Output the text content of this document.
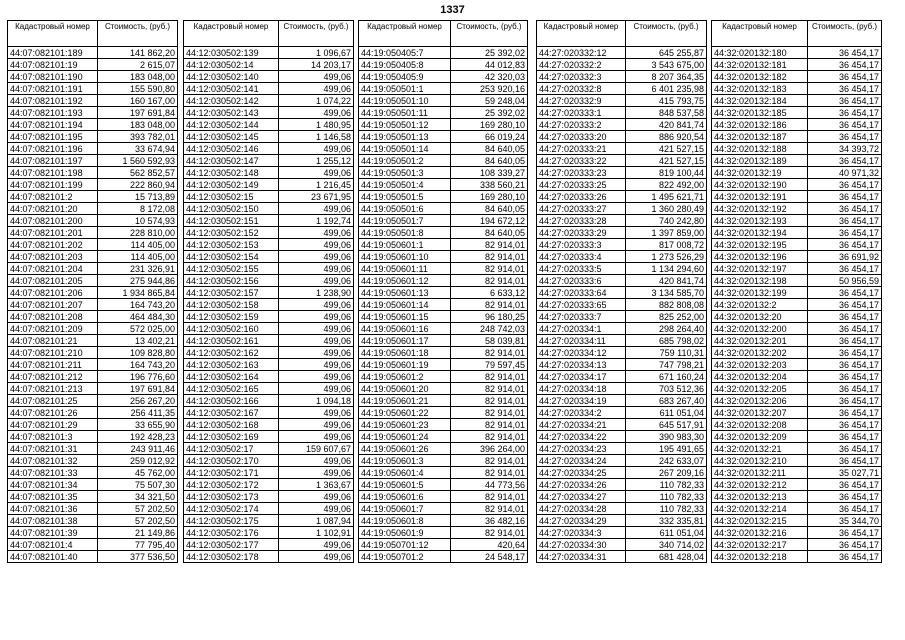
1337
Кадастровый номер	Стоимость, (руб.)
44:07:082101:189	141 862,20
44:07:082101:19	2 615,07
44:07:082101:190	183 048,00
44:07:082101:191	155 590,80
44:07:082101:192	160 167,00
44:07:082101:193	197 691,84
44:07:082101:194	183 048,00
44:07:082101:195	393 782,01
44:07:082101:196	33 674,94
44:07:082101:197	1 560 592,93
44:07:082101:198	562 852,57
44:07:082101:199	222 860,94
44:07:082101:2	15 713,89
44:07:082101:20	8 172,08
44:07:082101:200	10 574,93
44:07:082101:201	228 810,00
44:07:082101:202	114 405,00
44:07:082101:203	114 405,00
44:07:082101:204	231 326,91
44:07:082101:205	275 944,86
44:07:082101:206	1 934 865,84
44:07:082101:207	164 743,20
44:07:082101:208	464 484,30
44:07:082101:209	572 025,00
44:07:082101:21	13 402,21
44:07:082101:210	109 828,80
44:07:082101:211	164 743,20
44:07:082101:212	196 776,60
44:07:082101:213	197 691,84
44:07:082101:25	256 267,20
44:07:082101:26	256 411,35
44:07:082101:29	33 655,90
44:07:082101:3	192 428,23
44:07:082101:31	243 911,46
44:07:082101:32	259 012,92
44:07:082101:33	45 762,00
44:07:082101:34	75 507,30
44:07:082101:35	34 321,50
44:07:082101:36	57 202,50
44:07:082101:38	57 202,50
44:07:082101:39	21 149,86
44:07:082101:4	77 795,40
44:07:082101:40	377 536,50
Кадастровый номер	Стоимость, (руб.)
44:12:030502:139	1 096,67
44:12:030502:14	14 203,17
44:12:030502:140	499,06
44:12:030502:141	499,06
44:12:030502:142	1 074,22
44:12:030502:143	499,06
44:12:030502:144	1 480,95
44:12:030502:145	1 146,58
44:12:030502:146	499,06
44:12:030502:147	1 255,12
44:12:030502:148	499,06
44:12:030502:149	1 216,45
44:12:030502:15	23 671,95
44:12:030502:150	499,06
44:12:030502:151	1 192,74
44:12:030502:152	499,06
44:12:030502:153	499,06
44:12:030502:154	499,06
44:12:030502:155	499,06
44:12:030502:156	499,06
44:12:030502:157	1 238,90
44:12:030502:158	499,06
44:12:030502:159	499,06
44:12:030502:160	499,06
44:12:030502:161	499,06
44:12:030502:162	499,06
44:12:030502:163	499,06
44:12:030502:164	499,06
44:12:030502:165	499,06
44:12:030502:166	1 094,18
44:12:030502:167	499,06
44:12:030502:168	499,06
44:12:030502:169	499,06
44:12:030502:17	159 607,67
44:12:030502:170	499,06
44:12:030502:171	499,06
44:12:030502:172	1 363,67
44:12:030502:173	499,06
44:12:030502:174	499,06
44:12:030502:175	1 087,94
44:12:030502:176	1 102,91
44:12:030502:177	499,06
44:12:030502:178	499,06
Кадастровый номер	Стоимость, (руб.)
44:19:050405:7	25 392,02
44:19:050405:8	44 012,83
44:19:050405:9	42 320,03
44:19:050501:1	253 920,16
44:19:050501:10	59 248,04
44:19:050501:11	25 392,02
44:19:050501:12	169 280,10
44:19:050501:13	66 019,24
44:19:050501:14	84 640,05
44:19:050501:2	84 640,05
44:19:050501:3	108 339,27
44:19:050501:4	338 560,21
44:19:050501:5	169 280,10
44:19:050501:6	84 640,05
44:19:050501:7	194 672,12
44:19:050501:8	84 640,05
44:19:050601:1	82 914,01
44:19:050601:10	82 914,01
44:19:050601:11	82 914,01
44:19:050601:12	82 914,01
44:19:050601:13	6 633,12
44:19:050601:14	82 914,01
44:19:050601:15	96 180,25
44:19:050601:16	248 742,03
44:19:050601:17	58 039,81
44:19:050601:18	82 914,01
44:19:050601:19	79 597,45
44:19:050601:2	82 914,01
44:19:050601:20	82 914,01
44:19:050601:21	82 914,01
44:19:050601:22	82 914,01
44:19:050601:23	82 914,01
44:19:050601:24	82 914,01
44:19:050601:26	396 264,00
44:19:050601:3	82 914,01
44:19:050601:4	82 914,01
44:19:050601:5	44 773,56
44:19:050601:6	82 914,01
44:19:050601:7	82 914,01
44:19:050601:8	36 482,16
44:19:050601:9	82 914,01
44:19:050701:12	420,64
44:19:050701:2	24 548,17
Кадастровый номер	Стоимость, (руб.)
44:27:020332:12	645 255,87
44:27:020332:2	3 543 675,00
44:27:020332:3	8 207 364,35
44:27:020332:8	6 401 235,98
44:27:020332:9	415 793,75
44:27:020333:1	848 537,58
44:27:020333:2	420 841,74
44:27:020333:20	886 920,54
44:27:020333:21	421 527,15
44:27:020333:22	421 527,15
44:27:020333:23	819 100,44
44:27:020333:25	822 492,00
44:27:020333:26	1 495 621,71
44:27:020333:27	1 360 280,49
44:27:020333:28	740 242,80
44:27:020333:29	1 397 859,00
44:27:020333:3	817 008,72
44:27:020333:4	1 273 526,29
44:27:020333:5	1 134 294,60
44:27:020333:6	420 841,74
44:27:020333:64	3 134 585,70
44:27:020333:65	882 808,08
44:27:020333:7	825 252,00
44:27:020334:1	298 264,40
44:27:020334:11	685 798,02
44:27:020334:12	759 110,31
44:27:020334:13	747 798,21
44:27:020334:17	671 160,24
44:27:020334:18	703 512,36
44:27:020334:19	683 267,40
44:27:020334:2	611 051,04
44:27:020334:21	645 517,91
44:27:020334:22	390 983,30
44:27:020334:23	195 491,65
44:27:020334:24	242 633,07
44:27:020334:25	267 209,16
44:27:020334:26	110 782,33
44:27:020334:27	110 782,33
44:27:020334:28	110 782,33
44:27:020334:29	332 335,81
44:27:020334:3	611 051,04
44:27:020334:30	340 714,02
44:27:020334:31	681 428,04
Кадастровый номер	Стоимость, (руб.)
44:32:020132:180	36 454,17
44:32:020132:181	36 454,17
44:32:020132:182	36 454,17
44:32:020132:183	36 454,17
44:32:020132:184	36 454,17
44:32:020132:185	36 454,17
44:32:020132:186	36 454,17
44:32:020132:187	36 454,17
44:32:020132:188	34 393,72
44:32:020132:189	36 454,17
44:32:020132:19	40 971,32
44:32:020132:190	36 454,17
44:32:020132:191	36 454,17
44:32:020132:192	36 454,17
44:32:020132:193	36 454,17
44:32:020132:194	36 454,17
44:32:020132:195	36 454,17
44:32:020132:196	36 691,92
44:32:020132:197	36 454,17
44:32:020132:198	50 956,59
44:32:020132:199	36 454,17
44:32:020132:2	36 454,17
44:32:020132:20	36 454,17
44:32:020132:200	36 454,17
44:32:020132:201	36 454,17
44:32:020132:202	36 454,17
44:32:020132:203	36 454,17
44:32:020132:204	36 454,17
44:32:020132:205	36 454,17
44:32:020132:206	36 454,17
44:32:020132:207	36 454,17
44:32:020132:208	36 454,17
44:32:020132:209	36 454,17
44:32:020132:21	36 454,17
44:32:020132:210	36 454,17
44:32:020132:211	35 027,71
44:32:020132:212	36 454,17
44:32:020132:213	36 454,17
44:32:020132:214	36 454,17
44:32:020132:215	35 344,70
44:32:020132:216	36 454,17
44:32:020132:217	36 454,17
44:32:020132:218	36 454,17
